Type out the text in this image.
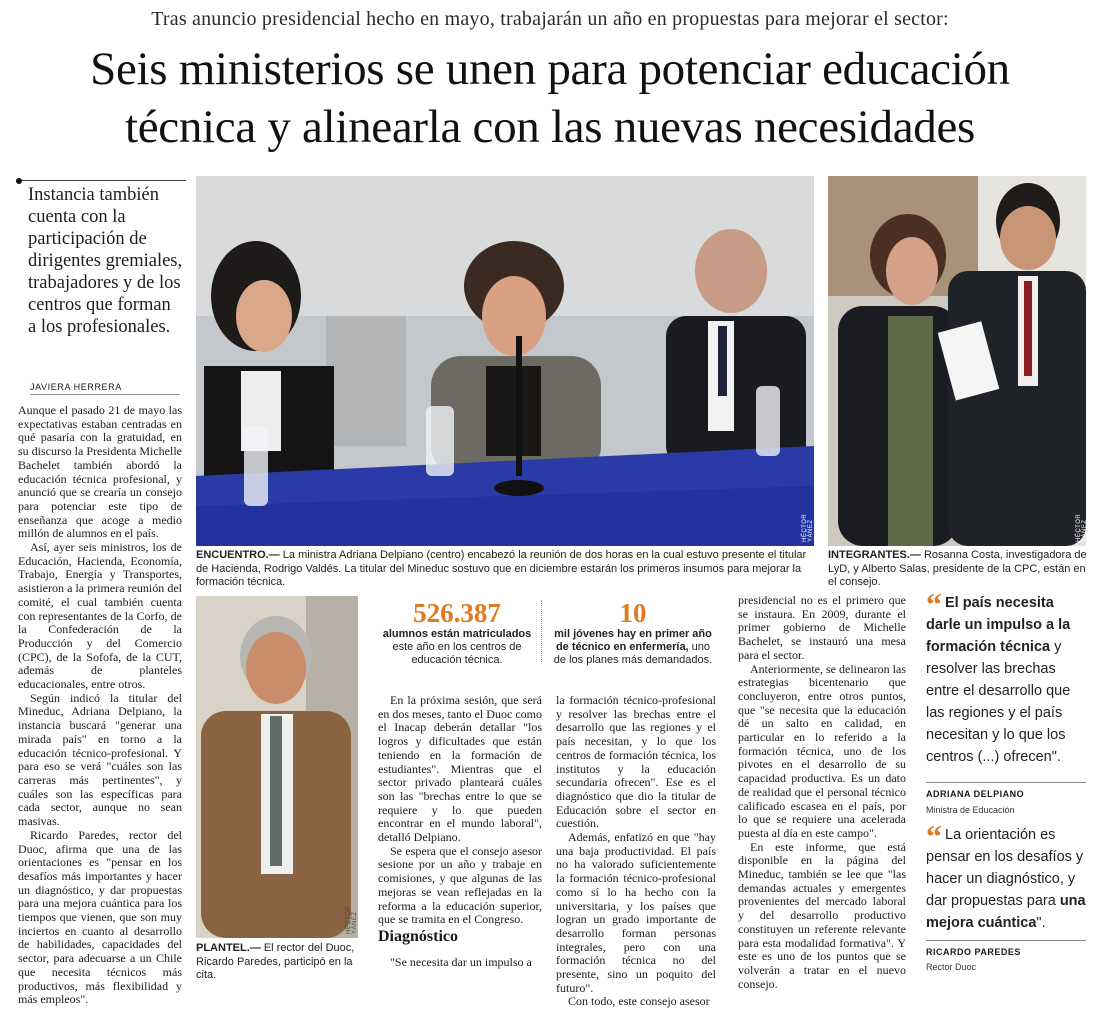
Tras anuncio presidencial hecho en mayo, trabajarán un año en propuestas para mejorar el sector:
Seis ministerios se unen para potenciar educación
técnica y alinearla con las nuevas necesidades
Instancia también cuenta con la participación de dirigentes gremiales, trabajadores y de los centros que forman a los profesionales.
JAVIERA HERRERA

Aunque el pasado 21 de mayo las expectativas estaban centradas en qué pasaría con la gratuidad, en su discurso la Presidenta Michelle Bachelet también abordó la educación técnica profesional, y anunció que se crearía un consejo para potenciar este tipo de enseñanza que acoge a medio millón de alumnos en el país.

Así, ayer seis ministros, los de Educación, Hacienda, Economía, Trabajo, Energía y Transportes, asistieron a la primera reunión del comité, el cual también cuenta con representantes de la Corfo, de la Confederación de la Producción y del Comercio (CPC), de la Sofofa, de la CUT, además de planteles educacionales, entre otros.

Según indicó la titular del Mineduc, Adriana Delpiano, la instancia buscará "generar una mirada país" en torno a la educación técnico-profesional. Y para eso se verá "cuáles son las carreras más pertinentes", y cuáles son las específicas para cada sector, aunque no sean masivas.

Ricardo Paredes, rector del Duoc, afirma que una de las orientaciones es "pensar en los desafíos más importantes y hacer un diagnóstico, y dar propuestas para una mejora cuántica para los tiempos que vienen, que son muy inciertos en cuanto al desarrollo de habilidades, capacidades del sector, para adecuarse a un Chile que necesita técnicos más productivos, más flexibilidad y más empleos".

HÉCTOR YÁÑEZ
ENCUENTRO.— La ministra Adriana Delpiano (centro) encabezó la reunión de dos horas en la cual estuvo presente el titular de Hacienda, Rodrigo Valdés. La titular del Mineduc sostuvo que en diciembre estarán los primeros insumos para mejorar la formación técnica.
HÉCTOR YÁÑEZ
INTEGRANTES.— Rosanna Costa, investigadora de LyD, y Alberto Salas, presidente de la CPC, están en el consejo.
HÉCTOR YÁÑEZ
PLANTEL.— El rector del Duoc, Ricardo Paredes, participó en la cita.
526.387
alumnos están matriculados este año en los centros de educación técnica.
10
mil jóvenes hay en primer año de técnico en enfermería, uno de los planes más demandados.

En la próxima sesión, que será en dos meses, tanto el Duoc como el Inacap deberán detallar "los logros y dificultades que están teniendo en la formación de estudiantes". Mientras que el sector privado planteará cuáles son las "brechas entre lo que se requiere y lo que pueden encontrar en el mundo laboral", detalló Delpiano.

Se espera que el consejo asesor sesione por un año y trabaje en comisiones, y que algunas de las mejoras se vean reflejadas en la reforma a la educación superior, que se tramita en el Congreso.

Diagnóstico

"Se necesita dar un impulso a

la formación técnico-profesional y resolver las brechas entre el desarrollo que las regiones y el país necesitan, y lo que los centros de formación técnica, los institutos y la educación secundaria ofrecen". Ese es el diagnóstico que dio la titular de Educación sobre el sector en cuestión.

Además, enfatizó en que "hay una baja productividad. El país no ha valorado suficientemente la formación técnico-profesional como sí lo ha hecho con la universitaria, y los países que logran un grado importante de desarrollo forman personas integrales, pero con una formación técnica no del presente, sino un poquito del futuro".

Con todo, este consejo asesor

presidencial no es el primero que se instaura. En 2009, durante el primer gobierno de Michelle Bachelet, se instauró una mesa para el sector.

Anteriormente, se delinearon las estrategias bicentenario que concluyeron, entre otros puntos, que "se necesita que la educación dé un salto en calidad, en particular en lo referido a la formación técnica, uno de los pivotes en el desarrollo de su capacidad productiva. Es un dato de realidad que el personal técnico calificado escasea en el país, por lo que se requiere una acelerada puesta al día en este campo".

En este informe, que está disponible en la página del Mineduc, también se lee que "las demandas actuales y emergentes provenientes del mercado laboral y del desarrollo productivo constituyen un referente relevante para esta modalidad formativa". Y este es uno de los puntos que se volverán a tratar en el nuevo consejo.

“ El país necesita darle un impulso a la formación técnica y resolver las brechas entre el desarrollo que las regiones y el país necesitan y lo que los centros (...) ofrecen".
ADRIANA DELPIANO
Ministra de Educación
“ La orientación es pensar en los desafíos y hacer un diagnóstico, y dar propuestas para una mejora cuántica".
RICARDO PAREDES
Rector Duoc
